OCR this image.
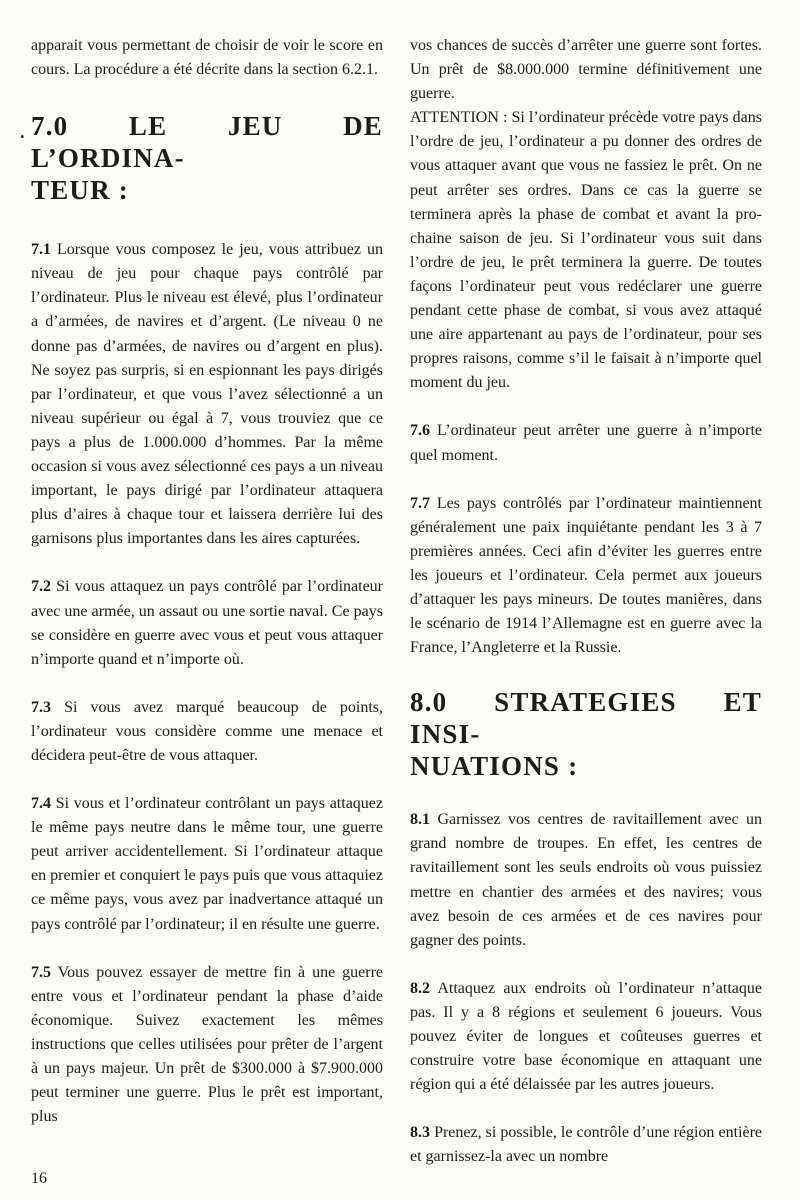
apparait vous permettant de choisir de voir le score en cours. La procédure a été décrite dans la section 6.2.1.

. 7.0 LE JEU DE L’ORDINA-
TEUR :

7.1 Lorsque vous composez le jeu, vous attribuez un niveau de jeu pour chaque pays contrôlé par l’ordinateur. Plus le niveau est élevé, plus l’ordinateur a d’armées, de navires et d’argent. (Le niveau 0 ne donne pas d’armées, de navires ou d’argent en plus). Ne soyez pas surpris, si en espionnant les pays dirigés par l’ordinateur, et que vous l’avez sélectionné a un niveau supérieur ou égal à 7, vous trouviez que ce pays a plus de 1.000.000 d’hommes. Par la même occasion si vous avez sélectionné ces pays a un niveau important, le pays dirigé par l’ordinateur attaquera plus d’aires à chaque tour et laissera derrière lui des garnisons plus importantes dans les aires capturées.

7.2 Si vous attaquez un pays contrôlé par l’ordinateur avec une armée, un assaut ou une sortie naval. Ce pays se considère en guerre avec vous et peut vous attaquer n’importe quand et n’importe où.

7.3 Si vous avez marqué beaucoup de points, l’ordinateur vous considère comme une menace et décidera peut-être de vous attaquer.

7.4 Si vous et l’ordinateur contrôlant un pays attaquez le même pays neutre dans le même tour, une guerre peut arriver accidentellement. Si l’ordinateur attaque en premier et conquiert le pays puis que vous attaquiez ce même pays, vous avez par inadvertance attaqué un pays contrôlé par l’ordinateur; il en résulte une guerre.

7.5 Vous pouvez essayer de mettre fin à une guerre entre vous et l’ordinateur pendant la phase d’aide économique. Suivez exactement les mêmes instructions que celles utilisées pour prêter de l’argent à un pays majeur. Un prêt de $300.000 à $7.900.000 peut terminer une guerre. Plus le prêt est important, plus

vos chances de succès d’arrêter une guerre sont fortes. Un prêt de $8.000.000 termine définitivement une guerre.

ATTENTION : Si l’ordinateur précède votre pays dans l’ordre de jeu, l’ordinateur a pu donner des ordres de vous attaquer avant que vous ne fassiez le prêt. On ne peut arrêter ses ordres. Dans ce cas la guerre se terminera après la phase de combat et avant la prochaine saison de jeu. Si l’ordinateur vous suit dans l’ordre de jeu, le prêt terminera la guerre. De toutes façons l’ordinateur peut vous redéclarer une guerre pendant cette phase de combat, si vous avez attaqué une aire appartenant au pays de l’ordinateur, pour ses propres raisons, comme s’il le faisait à n’importe quel moment du jeu.

7.6 L’ordinateur peut arrêter une guerre à n’importe quel moment.

7.7 Les pays contrôlés par l’ordinateur maintiennent généralement une paix inquiétante pendant les 3 à 7 premières années. Ceci afin d’éviter les guerres entre les joueurs et l’ordinateur. Cela permet aux joueurs d’attaquer les pays mineurs. De toutes manières, dans le scénario de 1914 l’Allemagne est en guerre avec la France, l’Angleterre et la Russie.

8.0 STRATEGIES ET INSI-
NUATIONS :

8.1 Garnissez vos centres de ravitaillement avec un grand nombre de troupes. En effet, les centres de ravitaillement sont les seuls endroits où vous puissiez mettre en chantier des armées et des navires; vous avez besoin de ces armées et de ces navires pour gagner des points.

8.2 Attaquez aux endroits où l’ordinateur n’attaque pas. Il y a 8 régions et seulement 6 joueurs. Vous pouvez éviter de longues et coûteuses guerres et construire votre base économique en attaquant une région qui a été délaissée par les autres joueurs.

8.3 Prenez, si possible, le contrôle d’une région entière et garnissez-la avec un nombre

16
